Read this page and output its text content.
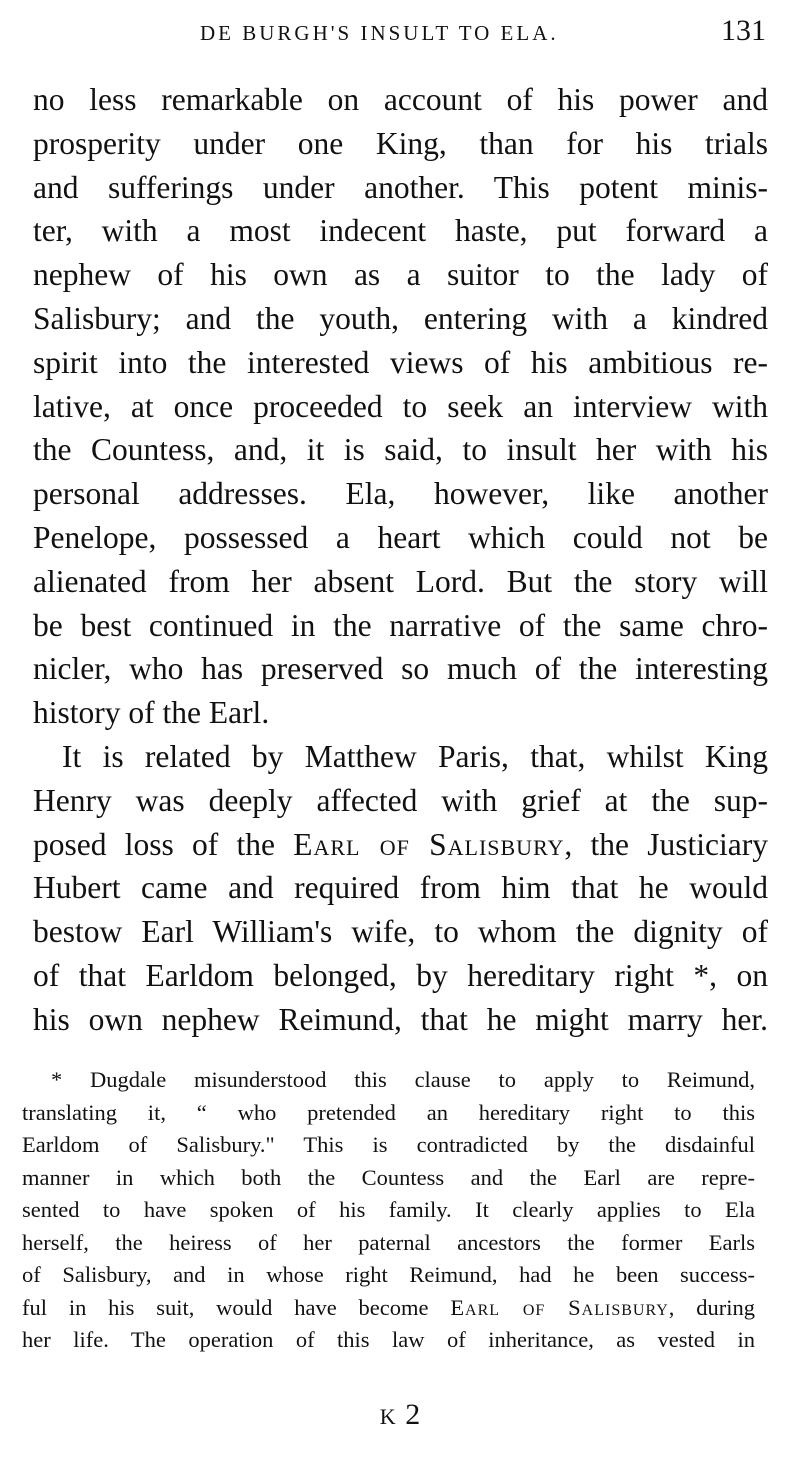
DE BURGH'S INSULT TO ELA.	131
no less remarkable on account of his power and
prosperity under one King, than for his trials
and sufferings under another. This potent minis-
ter, with a most indecent haste, put forward a
nephew of his own as a suitor to the lady of
Salisbury; and the youth, entering with a kindred
spirit into the interested views of his ambitious re-
lative, at once proceeded to seek an interview with
the Countess, and, it is said, to insult her with his
personal addresses. Ela, however, like another
Penelope, possessed a heart which could not be
alienated from her absent Lord. But the story will
be best continued in the narrative of the same chro-
nicler, who has preserved so much of the interesting
history of the Earl.
It is related by Matthew Paris, that, whilst King
Henry was deeply affected with grief at the sup-
posed loss of the Earl of Salisbury, the Justiciary
Hubert came and required from him that he would
bestow Earl William's wife, to whom the dignity of
of that Earldom belonged, by hereditary right *, on
his own nephew Reimund, that he might marry her.
* Dugdale misunderstood this clause to apply to Reimund,
translating it, “ who pretended an hereditary right to this
Earldom of Salisbury." This is contradicted by the disdainful
manner in which both the Countess and the Earl are repre-
sented to have spoken of his family. It clearly applies to Ela
herself, the heiress of her paternal ancestors the former Earls
of Salisbury, and in whose right Reimund, had he been success-
ful in his suit, would have become Earl of Salisbury, during
her life. The operation of this law of inheritance, as vested in
K 2
